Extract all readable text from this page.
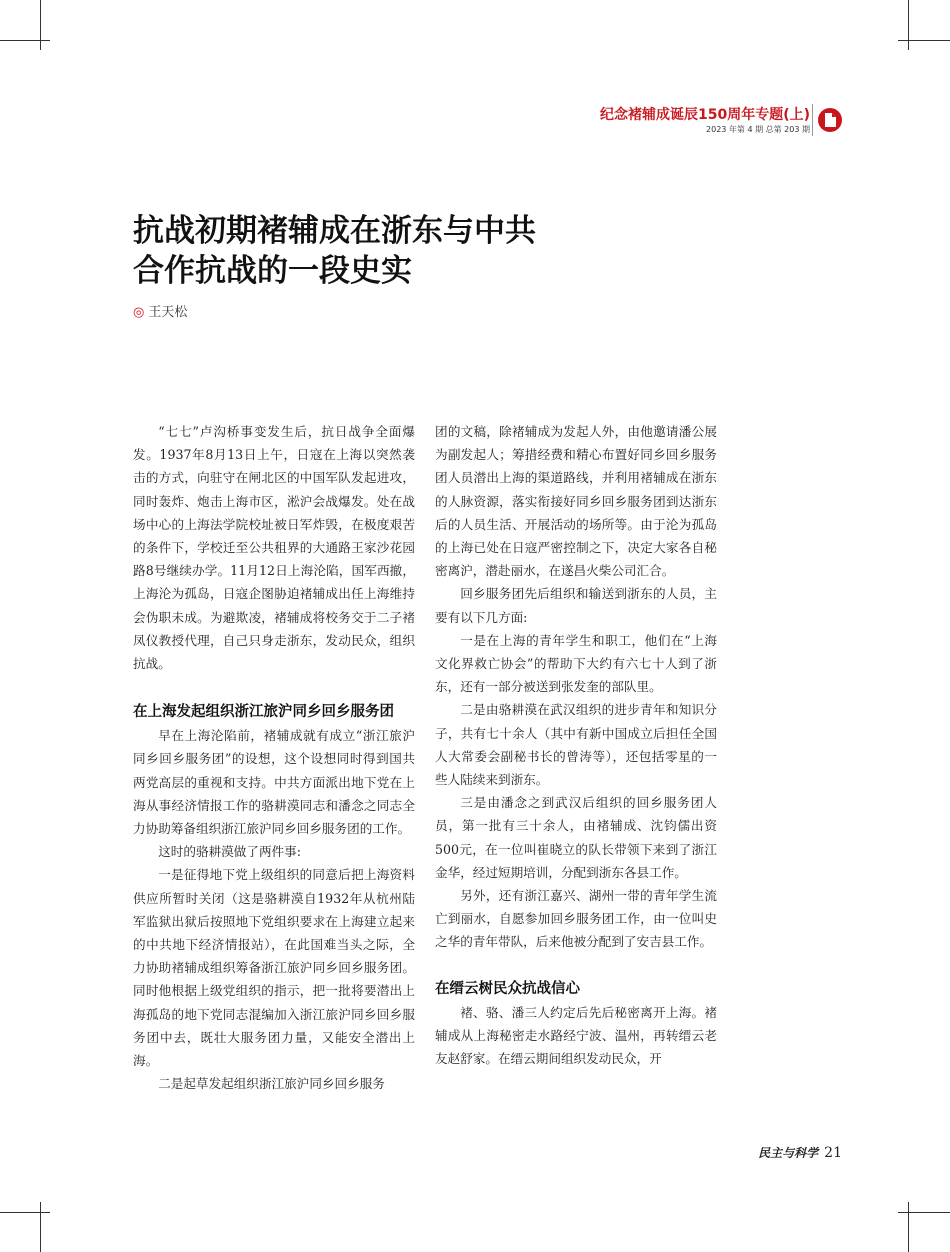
纪念褚辅成诞辰150周年专题(上)
2023 年第 4 期 总第 203 期
抗战初期褚辅成在浙东与中共
合作抗战的一段史实
◎ 王天松

“七七”卢沟桥事变发生后，抗日战争全面爆发。1937年8月13日上午，日寇在上海以突然袭击的方式，向驻守在闸北区的中国军队发起进攻，同时轰炸、炮击上海市区，淞沪会战爆发。处在战场中心的上海法学院校址被日军炸毁，在极度艰苦的条件下，学校迁至公共租界的大通路王家沙花园路8号继续办学。11月12日上海沦陷，国军西撤，上海沦为孤岛，日寇企图胁迫褚辅成出任上海维持会伪职未成。为避欺凌，褚辅成将校务交于二子褚凤仪教授代理，自己只身走浙东，发动民众，组织抗战。

在上海发起组织浙江旅沪同乡回乡服务团

早在上海沦陷前，褚辅成就有成立“浙江旅沪同乡回乡服务团”的设想，这个设想同时得到国共两党高层的重视和支持。中共方面派出地下党在上海从事经济情报工作的骆耕漠同志和潘念之同志全力协助筹备组织浙江旅沪同乡回乡服务团的工作。

这时的骆耕漠做了两件事:

一是征得地下党上级组织的同意后把上海资料供应所暂时关闭（这是骆耕漠自1932年从杭州陆军监狱出狱后按照地下党组织要求在上海建立起来的中共地下经济情报站），在此国难当头之际，全力协助褚辅成组织筹备浙江旅沪同乡回乡服务团。同时他根据上级党组织的指示，把一批将要潜出上海孤岛的地下党同志混编加入浙江旅沪同乡回乡服务团中去，既壮大服务团力量，又能安全潜出上海。

二是起草发起组织浙江旅沪同乡回乡服务

团的文稿，除褚辅成为发起人外，由他邀请潘公展为副发起人；筹措经费和精心布置好同乡回乡服务团人员潜出上海的渠道路线，并利用褚辅成在浙东的人脉资源，落实衔接好同乡回乡服务团到达浙东后的人员生活、开展活动的场所等。由于沦为孤岛的上海已处在日寇严密控制之下，决定大家各自秘密离沪，潜赴丽水，在遂昌火柴公司汇合。

回乡服务团先后组织和输送到浙东的人员，主要有以下几方面:

一是在上海的青年学生和职工，他们在“上海文化界救亡协会”的帮助下大约有六七十人到了浙东，还有一部分被送到张发奎的部队里。

二是由骆耕漠在武汉组织的进步青年和知识分子，共有七十余人（其中有新中国成立后担任全国人大常委会副秘书长的曾涛等），还包括零星的一些人陆续来到浙东。

三是由潘念之到武汉后组织的回乡服务团人员，第一批有三十余人，由褚辅成、沈钧儒出资500元，在一位叫崔晓立的队长带领下来到了浙江金华，经过短期培训，分配到浙东各县工作。

另外，还有浙江嘉兴、湖州一带的青年学生流亡到丽水，自愿参加回乡服务团工作，由一位叫史之华的青年带队，后来他被分配到了安吉县工作。

在缙云树民众抗战信心

褚、骆、潘三人约定后先后秘密离开上海。褚辅成从上海秘密走水路经宁波、温州，再转缙云老友赵舒家。在缙云期间组织发动民众，开

民主与科学 21
